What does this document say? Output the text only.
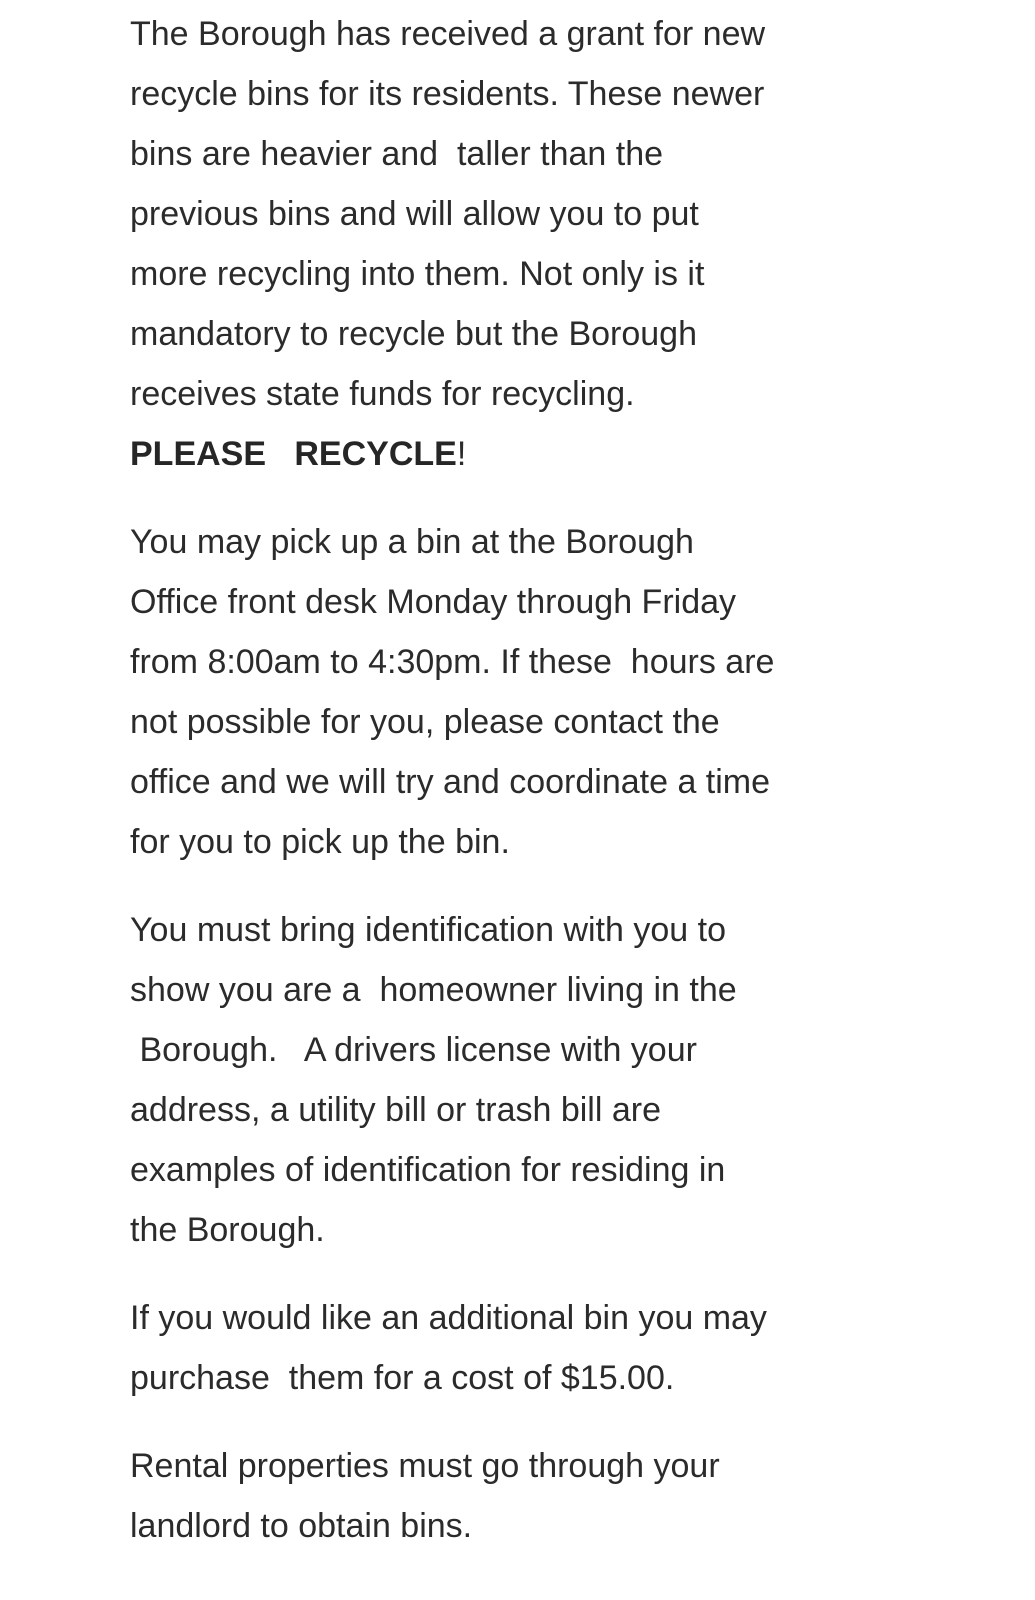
The Borough has received a grant for new
recycle bins for its residents. These newer
bins are heavier and  taller than the
previous bins and will allow you to put
more recycling into them. Not only is it
mandatory to recycle but the Borough
receives state funds for recycling.
PLEASE   RECYCLE!
You may pick up a bin at the Borough
Office front desk Monday through Friday
from 8:00am to 4:30pm. If these  hours are
not possible for you, please contact the
office and we will try and coordinate a time
for you to pick up the bin.
You must bring identification with you to
show you are a  homeowner living in the
Borough.   A drivers license with your
address, a utility bill or trash bill are
examples of identification for residing in
the Borough.
If you would like an additional bin you may
purchase  them for a cost of $15.00.
Rental properties must go through your
landlord to obtain bins.
